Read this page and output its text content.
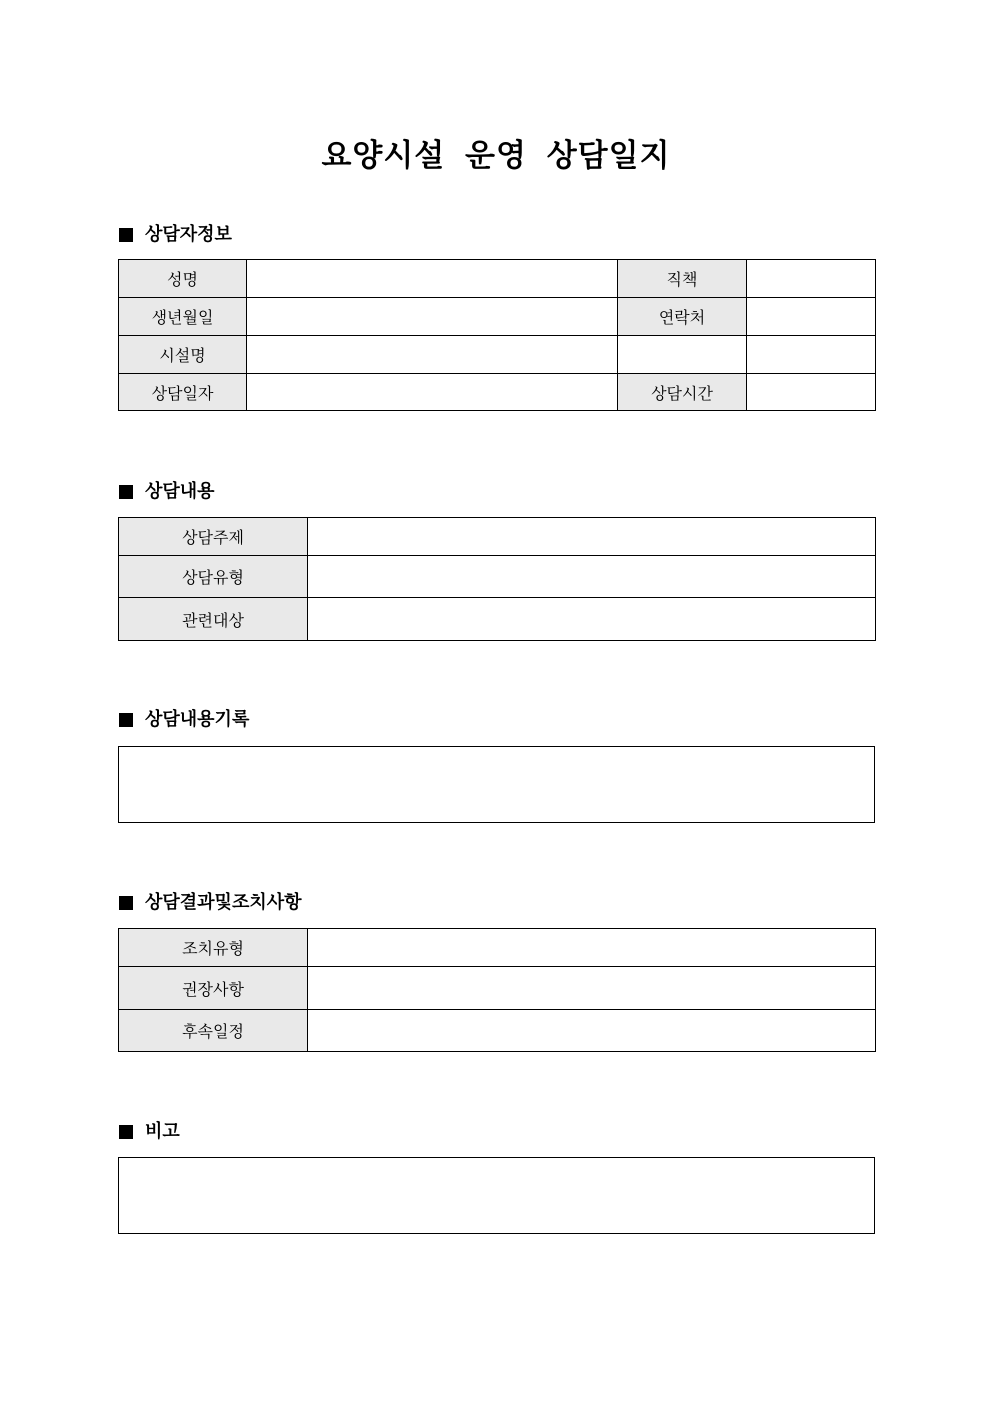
요양시설 운영 상담일지
상담자정보
성명		직책	
생년월일		연락처	
시설명			
상담일자		상담시간	
상담내용
상담주제	
상담유형	
관련대상	
상담내용기록
상담결과및조치사항
조치유형	
권장사항	
후속일정	
비고
